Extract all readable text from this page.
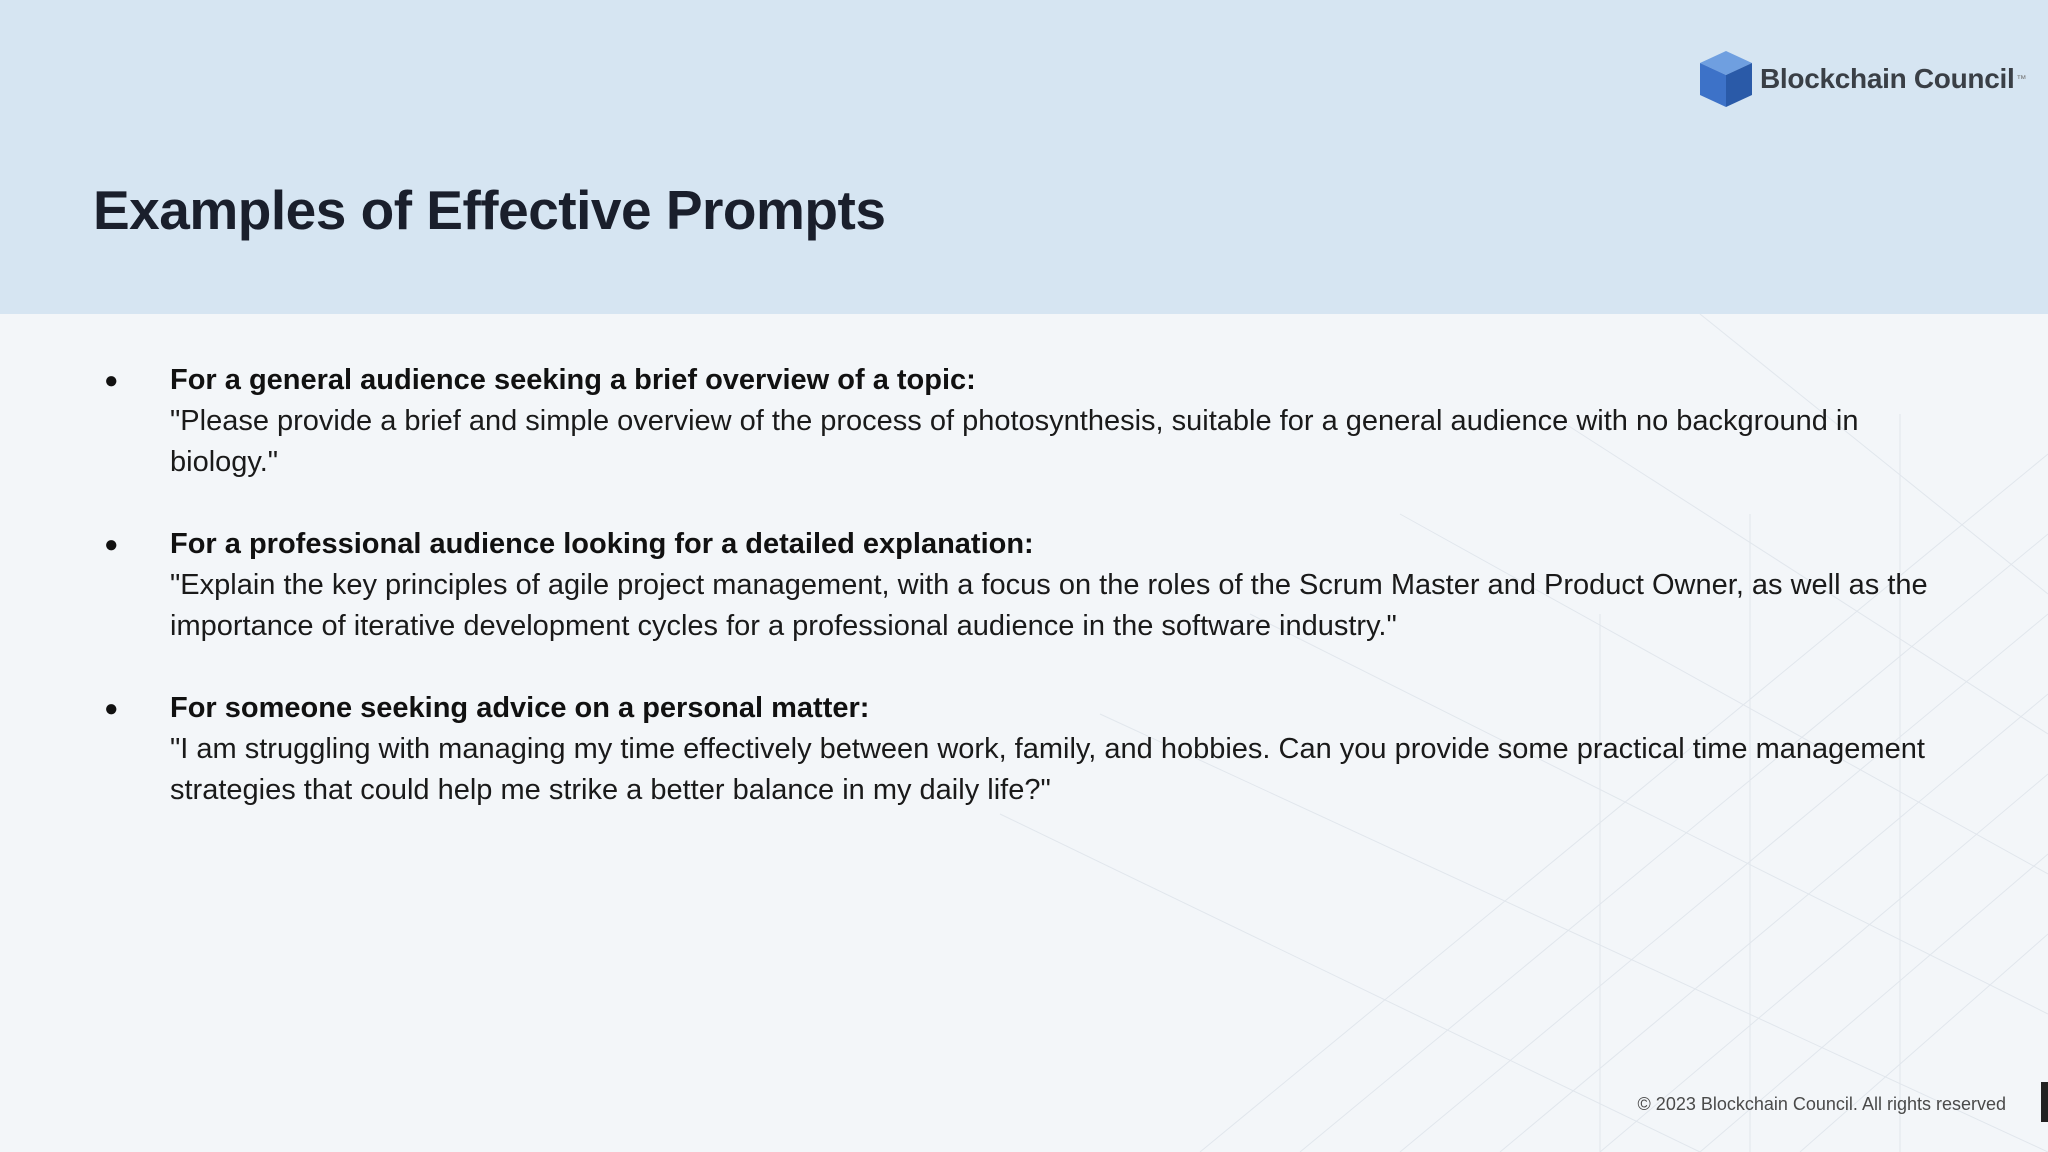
Blockchain Council ™
Examples of Effective Prompts
● For a general audience seeking a brief overview of a topic:
"Please provide a brief and simple overview of the process of photosynthesis, suitable for a general audience with no background in biology."
● For a professional audience looking for a detailed explanation:
"Explain the key principles of agile project management, with a focus on the roles of the Scrum Master and Product Owner, as well as the importance of iterative development cycles for a professional audience in the software industry."
● For someone seeking advice on a personal matter:
"I am struggling with managing my time effectively between work, family, and hobbies. Can you provide some practical time management strategies that could help me strike a better balance in my daily life?"
© 2023 Blockchain Council. All rights reserved
